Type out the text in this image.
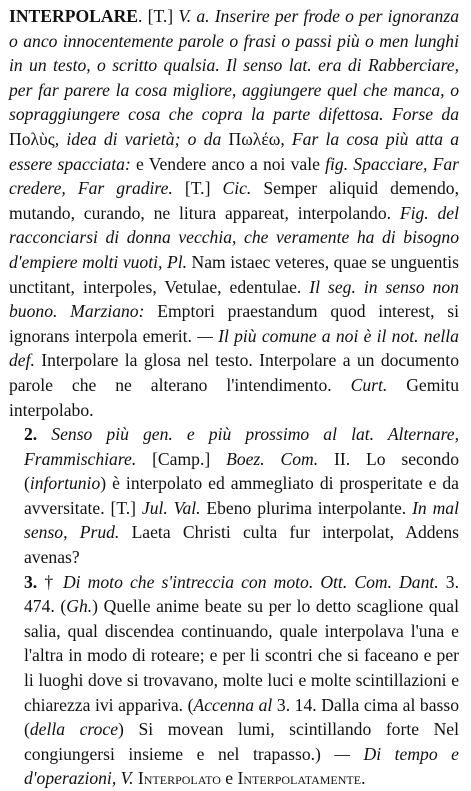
INTERPOLARE. [T.] V. a. Inserire per frode o per ignoranza o anco innocentemente parole o frasi o passi più o men lunghi in un testo, o scritto qualsia. Il senso lat. era di Rabberciare, per far parere la cosa migliore, aggiungere quel che manca, o sopraggiungere cosa che copra la parte difettosa. Forse da Πολὺς, idea di varietà; o da Πωλέω, Far la cosa più atta a essere spacciata: e Vendere anco a noi vale fig. Spacciare, Far credere, Far gradire. [T.] Cic. Semper aliquid demendo, mutando, curando, ne litura appareat, interpolando. Fig. del racconciarsi di donna vecchia, che veramente ha di bisogno d'empiere molti vuoti, Pl. Nam istaec veteres, quae se unguentis unctitant, interpoles, Vetulae, edentulae. Il seg. in senso non buono. Marziano: Emptori praestandum quod interest, si ignorans interpola emerit. — Il più comune a noi è il not. nella def. Interpolare la glosa nel testo. Interpolare a un documento parole che ne alterano l'intendimento. Curt. Gemitu interpolabo.

2. Senso più gen. e più prossimo al lat. Alternare, Frammischiare. [Camp.] Boez. Com. II. Lo secondo (infortunio) è interpolato ed ammegliato di prosperitate e da avversitate. [T.] Jul. Val. Ebeno plurima interpolante. In mal senso, Prud. Laeta Christi culta fur interpolat, Addens avenas?

3. † Di moto che s'intreccia con moto. Ott. Com. Dant. 3. 474. (Gh.) Quelle anime beate su per lo detto scaglione qual salia, qual discendea continuando, quale interpolava l'una e l'altra in modo di roteare; e per li scontri che si faceano e per li luoghi dove si trovavano, molte luci e molte scintillazioni e chiarezza ivi appariva. (Accenna al 3. 14. Dalla cima al basso (della croce) Si movean lumi, scintillando forte Nel congiungersi insieme e nel trapasso.) — Di tempo e d'operazioni, V. Interpolato e Interpolatamente.
